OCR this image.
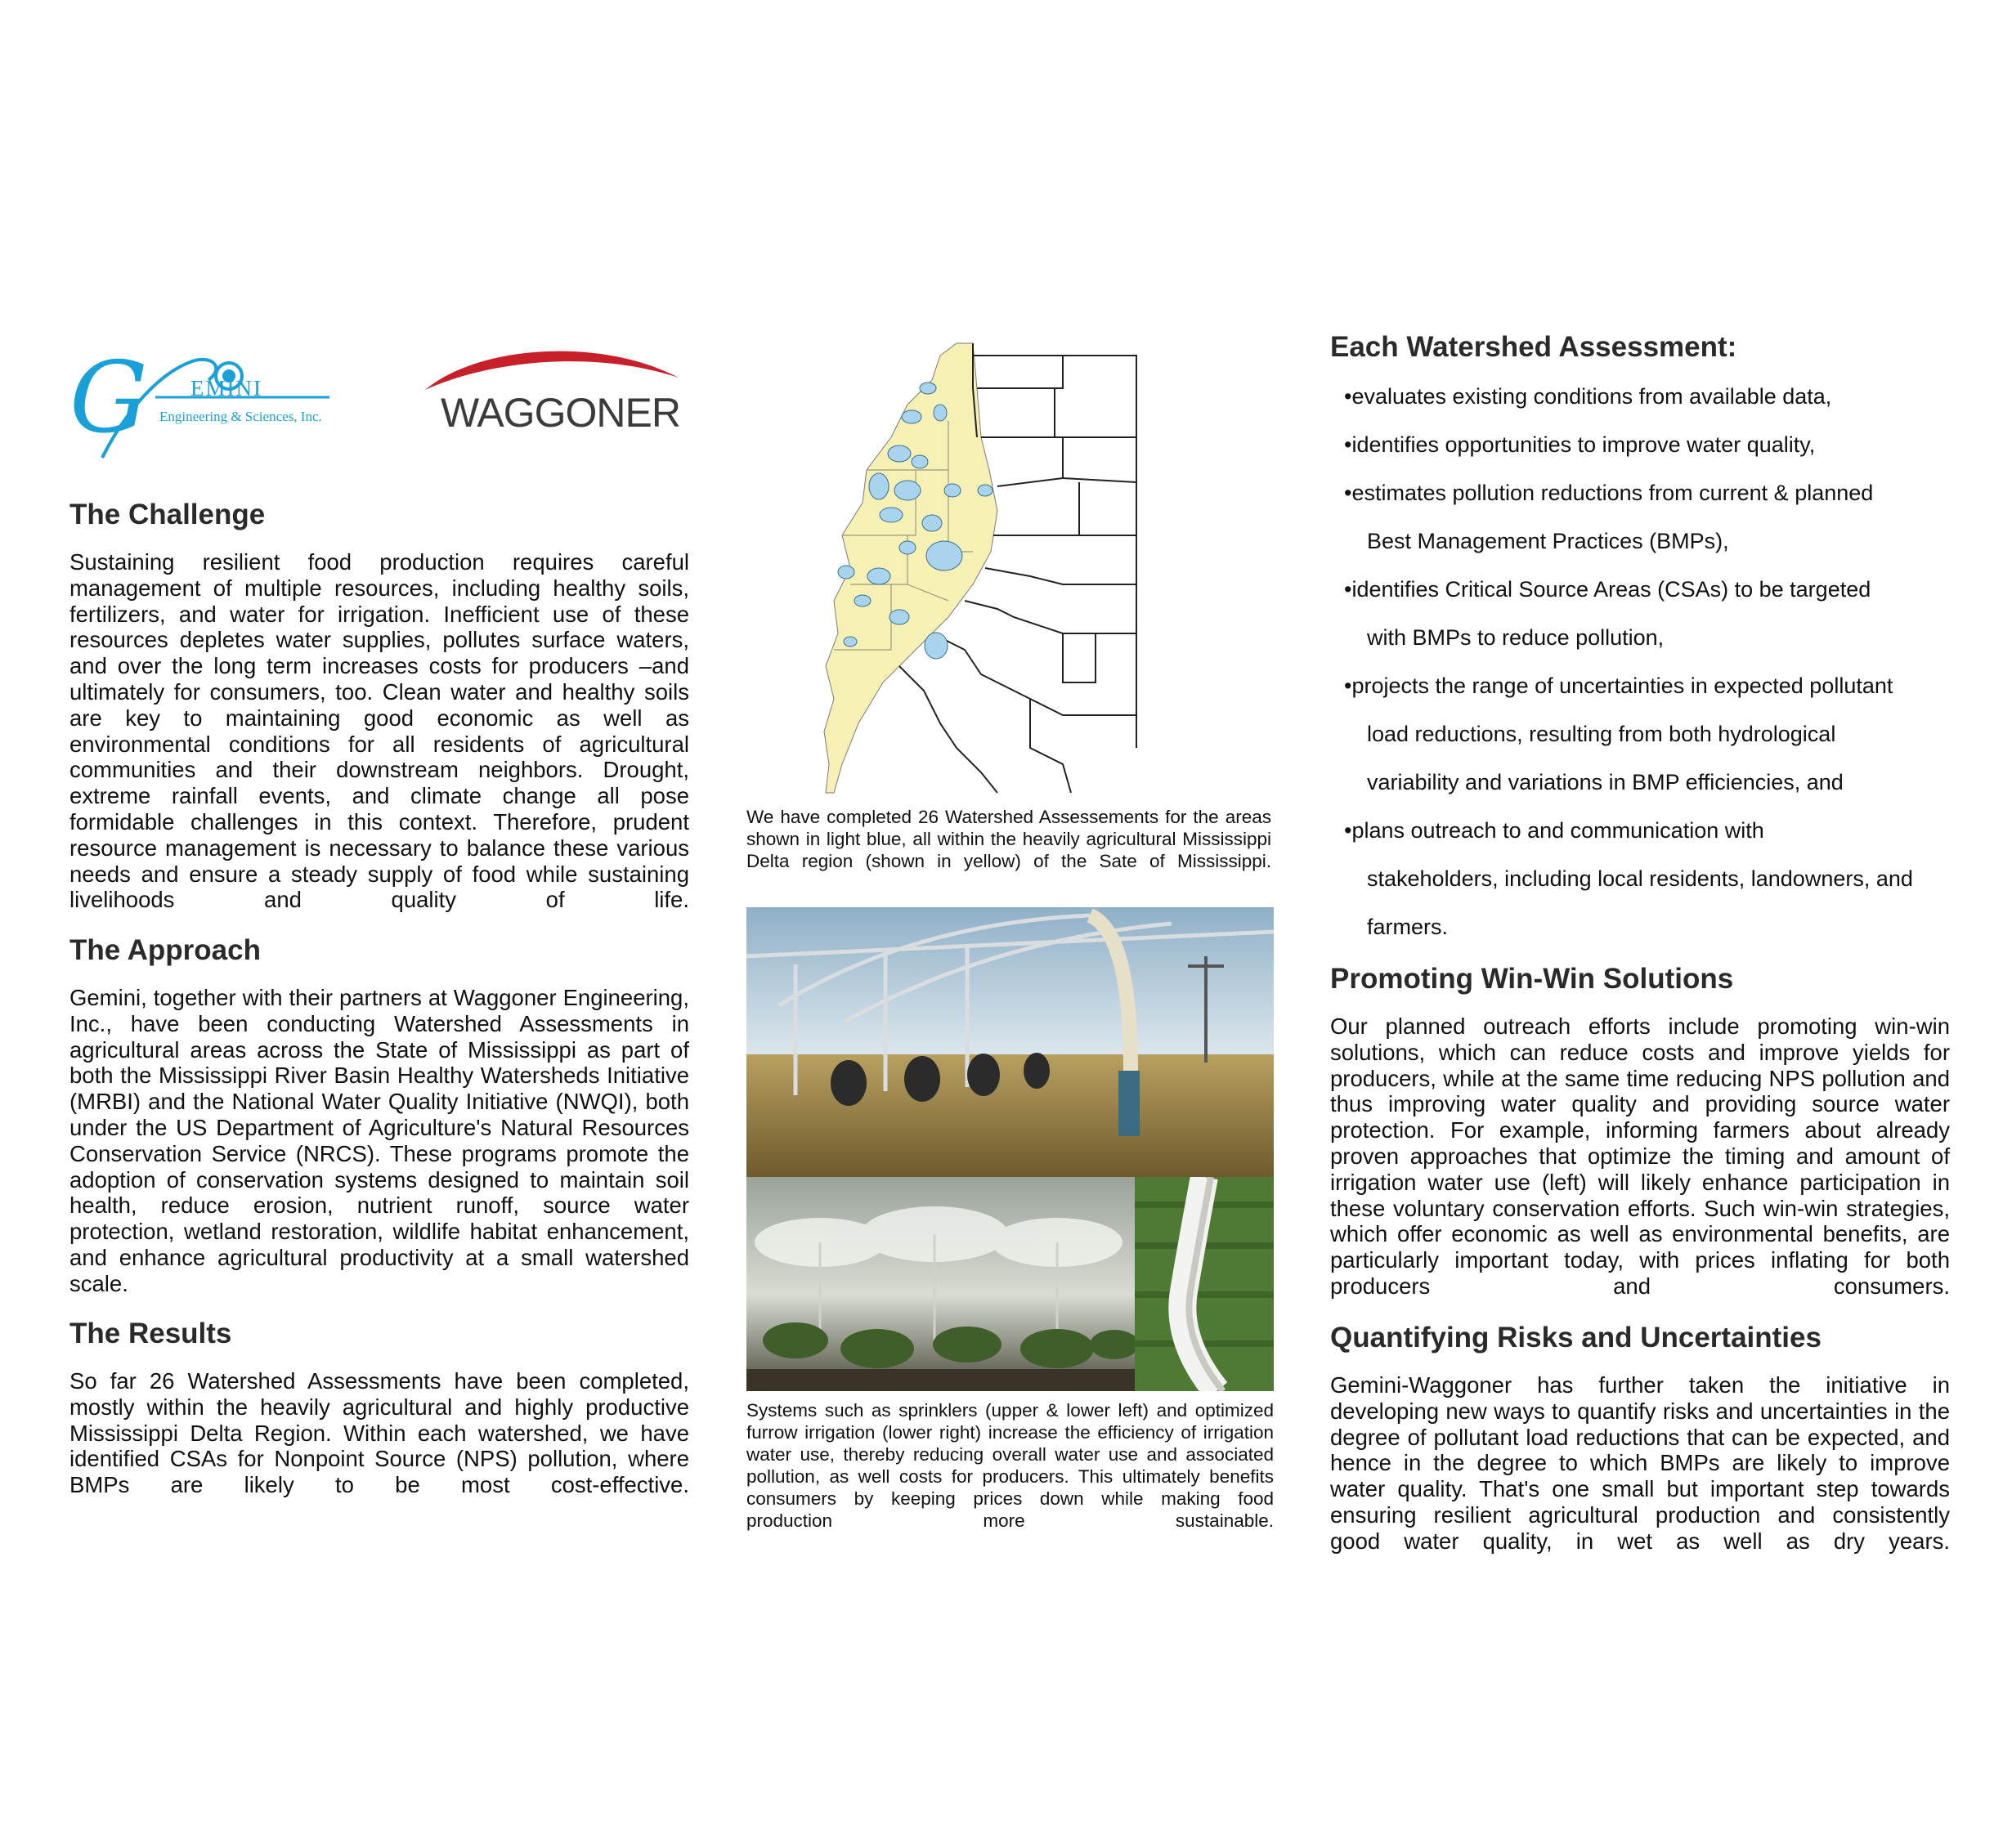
G EMINI
Engineering & Sciences, Inc.	WAGGONER
The Challenge

Sustaining resilient food production requires careful management of multiple resources, including healthy soils, fertilizers, and water for irrigation. Inefficient use of these resources depletes water supplies, pollutes surface waters, and over the long term increases costs for producers –and ultimately for consumers, too. Clean water and healthy soils are key to maintaining good economic as well as environmental conditions for all residents of agricultural communities and their downstream neighbors. Drought, extreme rainfall events, and climate change all pose formidable challenges in this context. Therefore, prudent resource management is necessary to balance these various needs and ensure a steady supply of food while sustaining livelihoods and quality of life.

The Approach

Gemini, together with their partners at Waggoner Engineering, Inc., have been conducting Watershed Assessments in agricultural areas across the State of Mississippi as part of both the Mississippi River Basin Healthy Watersheds Initiative (MRBI) and the National Water Quality Initiative (NWQI), both under the US Department of Agriculture's Natural Resources Conservation Service (NRCS). These programs promote the adoption of conservation systems designed to maintain soil health, reduce erosion, nutrient runoff, source water protection, wetland restoration, wildlife habitat enhancement, and enhance agricultural productivity at a small watershed scale.

The Results

So far 26 Watershed Assessments have been completed, mostly within the heavily agricultural and highly productive Mississippi Delta Region. Within each watershed, we have identified CSAs for Nonpoint Source (NPS) pollution, where BMPs are likely to be most cost-effective.

We have completed 26 Watershed Assessements for the areas shown in light blue, all within the heavily agricultural Mississippi Delta region (shown in yellow) of the Sate of Mississippi.

Systems such as sprinklers (upper & lower left) and optimized furrow irrigation (lower right) increase the efficiency of irrigation water use, thereby reducing overall water use and associated pollution, as well costs for producers. This ultimately benefits consumers by keeping prices down while making food production more sustainable.

Each Watershed Assessment:
•evaluates existing conditions from available data,
•identifies opportunities to improve water quality,
•estimates pollution reductions from current & planned
Best Management Practices (BMPs),
•identifies Critical Source Areas (CSAs) to be targeted
with BMPs to reduce pollution,
•projects the range of uncertainties in expected pollutant
load reductions, resulting from both hydrological
variability and variations in BMP efficiencies, and
•plans outreach to and communication with
stakeholders, including local residents, landowners, and
farmers.
Promoting Win-Win Solutions

Our planned outreach efforts include promoting win-win solutions, which can reduce costs and improve yields for producers, while at the same time reducing NPS pollution and thus improving water quality and providing source water protection. For example, informing farmers about already proven approaches that optimize the timing and amount of irrigation water use (left) will likely enhance participation in these voluntary conservation efforts. Such win-win strategies, which offer economic as well as environmental benefits, are particularly important today, with prices inflating for both producers and consumers.

Quantifying Risks and Uncertainties

Gemini-Waggoner has further taken the initiative in developing new ways to quantify risks and uncertainties in the degree of pollutant load reductions that can be expected, and hence in the degree to which BMPs are likely to improve water quality. That's one small but important step towards ensuring resilient agricultural production and consistently good water quality, in wet as well as dry years.
